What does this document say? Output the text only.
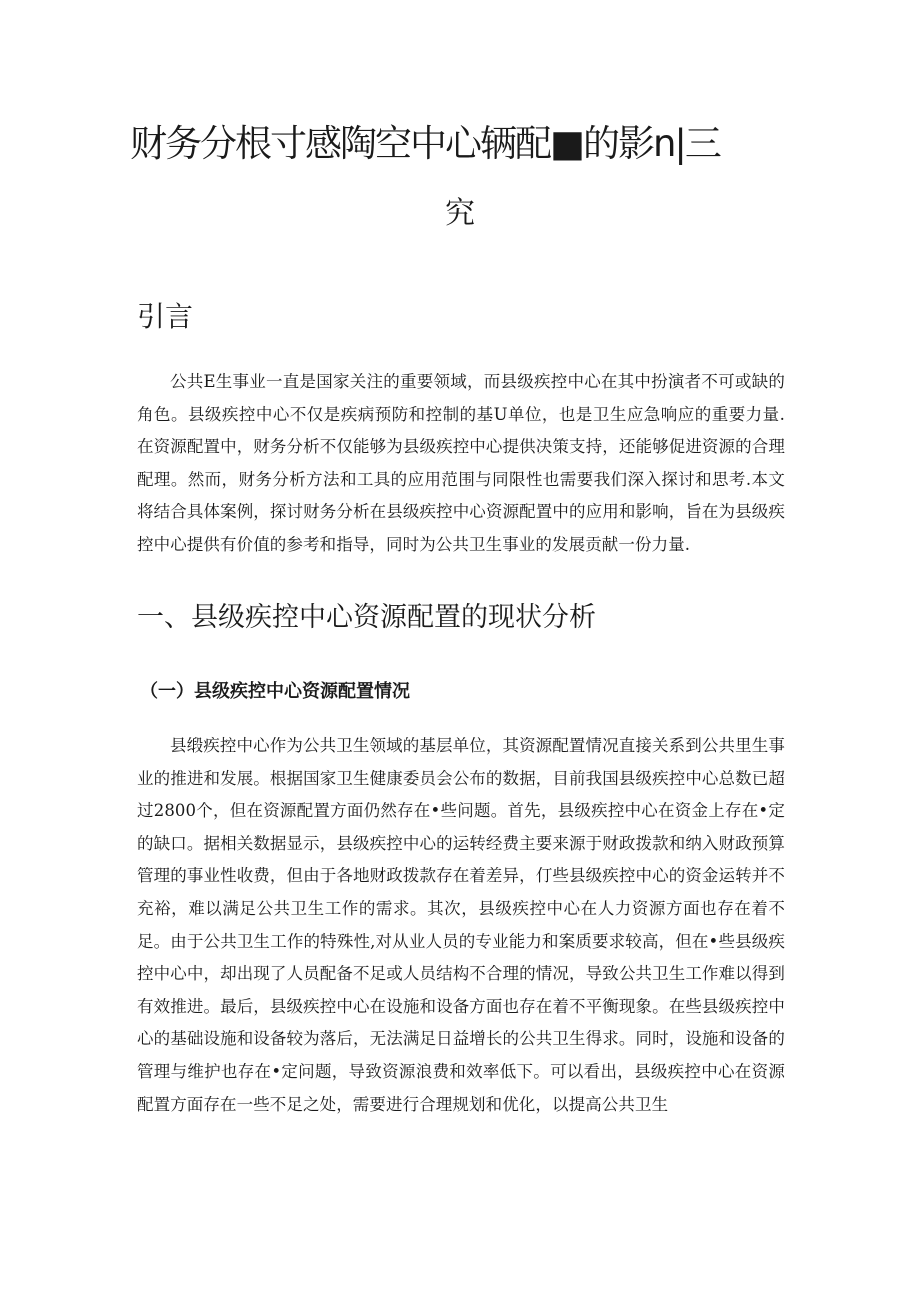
财务分根寸感陶空中心辆配■的影n|三
究
引言

公共E生事业一直是国家关注的重要领域，而县级疾控中心在其中扮演者不可或缺的角色。县级疾控中心不仅是疾病预防和控制的基U单位，也是卫生应急响应的重要力量.在资源配置中，财务分析不仅能够为县级疾控中心提供决策支持，还能够促进资源的合理配理。然而，财务分析方法和工具的应用范围与同限性也需要我们深入探讨和思考.本文将结合具体案例，探讨财务分析在县级疾控中心资源配置中的应用和影响，旨在为县级疾控中心提供有价值的参考和指导，同时为公共卫生事业的发展贡献一份力量.

一、县级疾控中心资源配置的现状分析
（一）县级疾控中心资源配置情况

县缎疾控中心作为公共卫生领域的基层单位，其资源配置情况直接关系到公共里生事业的推进和发展。根据国家卫生健康委员会公布的数据，目前我国县级疾控中心总数已超过2800个，但在资源配置方面仍然存在•些问题。首先，县级疾控中心在资金上存在•定的缺口。据相关数据显示，县级疾控中心的运转经费主要来源于财政拨款和纳入财政预算管理的事业性收费，但由于各地财政拨款存在着差异，仃些县级疾控中心的资金运转并不充裕，难以满足公共卫生工作的需求。其次，县级疾控中心在人力资源方面也存在着不足。由于公共卫生工作的特殊性,对从业人员的专业能力和案质要求较高，但在•些县级疾控中心中，却出现了人员配备不足或人员结构不合理的情况，导致公共卫生工作难以得到有效推进。最后，县级疾控中心在设施和设备方面也存在着不平衡现象。在些县级疾控中心的基础设施和设备较为落后，无法满足日益增长的公共卫生得求。同时，设施和设备的管理与维护也存在•定问题，导致资源浪费和效率低下。可以看出，县级疾控中心在资源配置方面存在一些不足之处，需要进行合理规划和优化，以提高公共卫生
